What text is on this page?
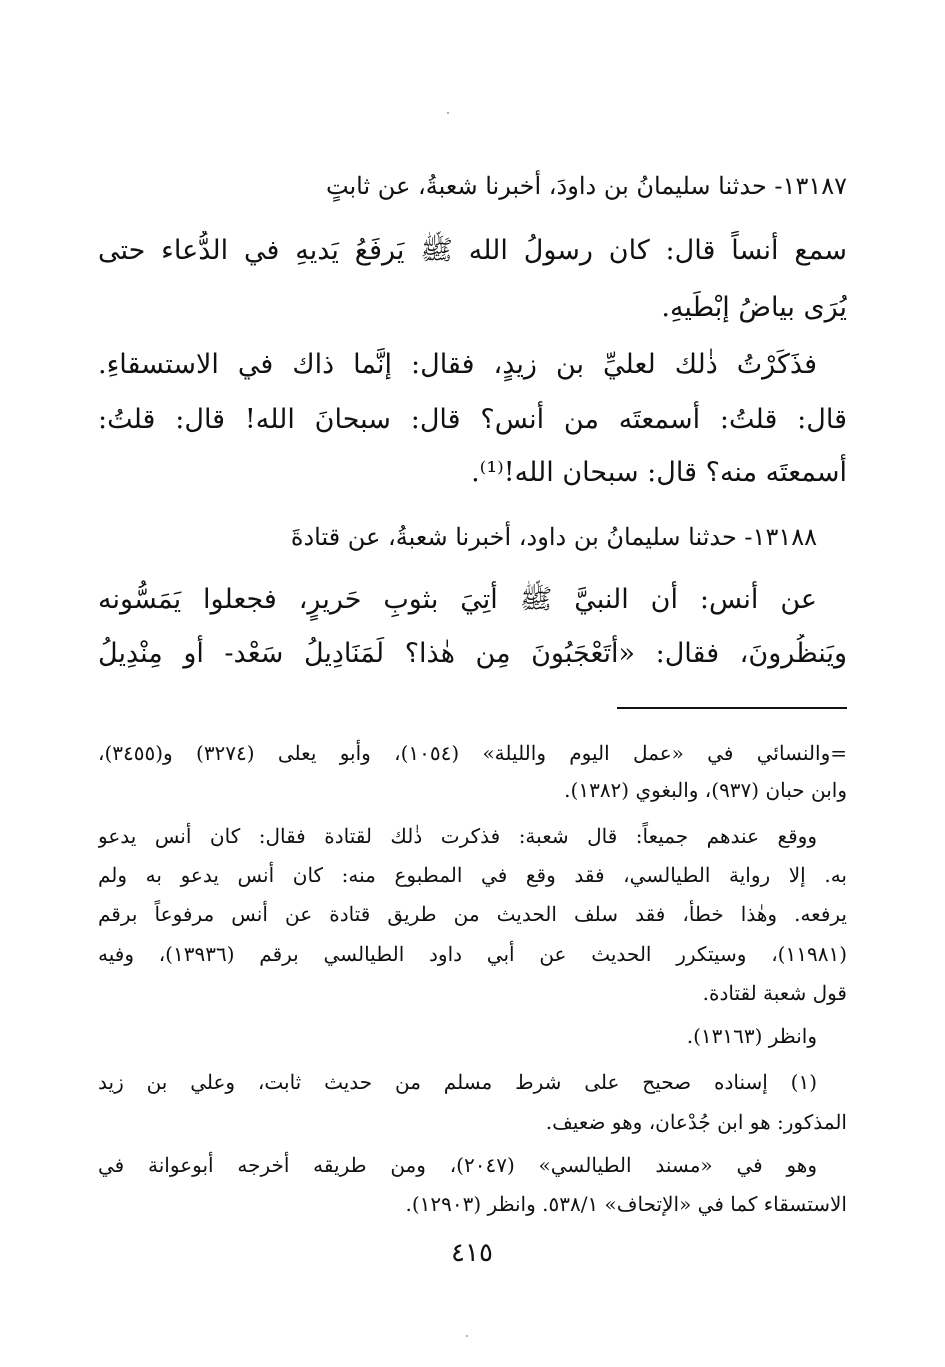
١٣١٨٧- حدثنا سليمانُ بن داودَ، أخبرنا شعبةُ، عن ثابتٍ
سمع أنساً قال: كان رسولُ الله ﷺ يَرفَعُ يَديهِ في الدُّعاء حتى
يُرَى بياضُ إبْطَيهِ.
فذَكَرْتُ ذٰلك لعليِّ بن زيدٍ، فقال: إنَّما ذاك في الاستسقاءِ.
قال: قلتُ: أسمعتَه من أنس؟ قال: سبحانَ الله! قال: قلتُ:
أسمعتَه منه؟ قال: سبحان الله!⁽¹⁾.
١٣١٨٨- حدثنا سليمانُ بن داود، أخبرنا شعبةُ، عن قتادةَ
عن أنس: أن النبيَّ ﷺ أُتِيَ بثوبِ حَريرٍ، فجعلوا يَمَسُّونه
ويَنظُرونَ، فقال: «أتَعْجَبُونَ مِن هٰذا؟ لَمَنَادِيلُ سَعْد- أو مِنْدِيلُ
=والنسائي في «عمل اليوم والليلة» (١٠٥٤)، وأبو يعلى (٣٢٧٤) و(٣٤٥٥)،
وابن حبان (٩٣٧)، والبغوي (١٣٨٢).
ووقع عندهم جميعاً: قال شعبة: فذكرت ذٰلك لقتادة فقال: كان أنس يدعو
به. إلا رواية الطيالسي، فقد وقع في المطبوع منه: كان أنس يدعو به ولم
يرفعه. وهٰذا خطأ، فقد سلف الحديث من طريق قتادة عن أنس مرفوعاً برقم
(١١٩٨١)، وسيتكرر الحديث عن أبي داود الطيالسي برقم (١٣٩٣٦)، وفيه
قول شعبة لقتادة.
وانظر (١٣١٦٣).
(١) إسناده صحيح على شرط مسلم من حديث ثابت، وعلي بن زيد
المذكور: هو ابن جُدْعان، وهو ضعيف.
وهو في «مسند الطيالسي» (٢٠٤٧)، ومن طريقه أخرجه أبوعوانة في
الاستسقاء كما في «الإتحاف» ٥٣٨/١. وانظر (١٢٩٠٣).
٤١٥
